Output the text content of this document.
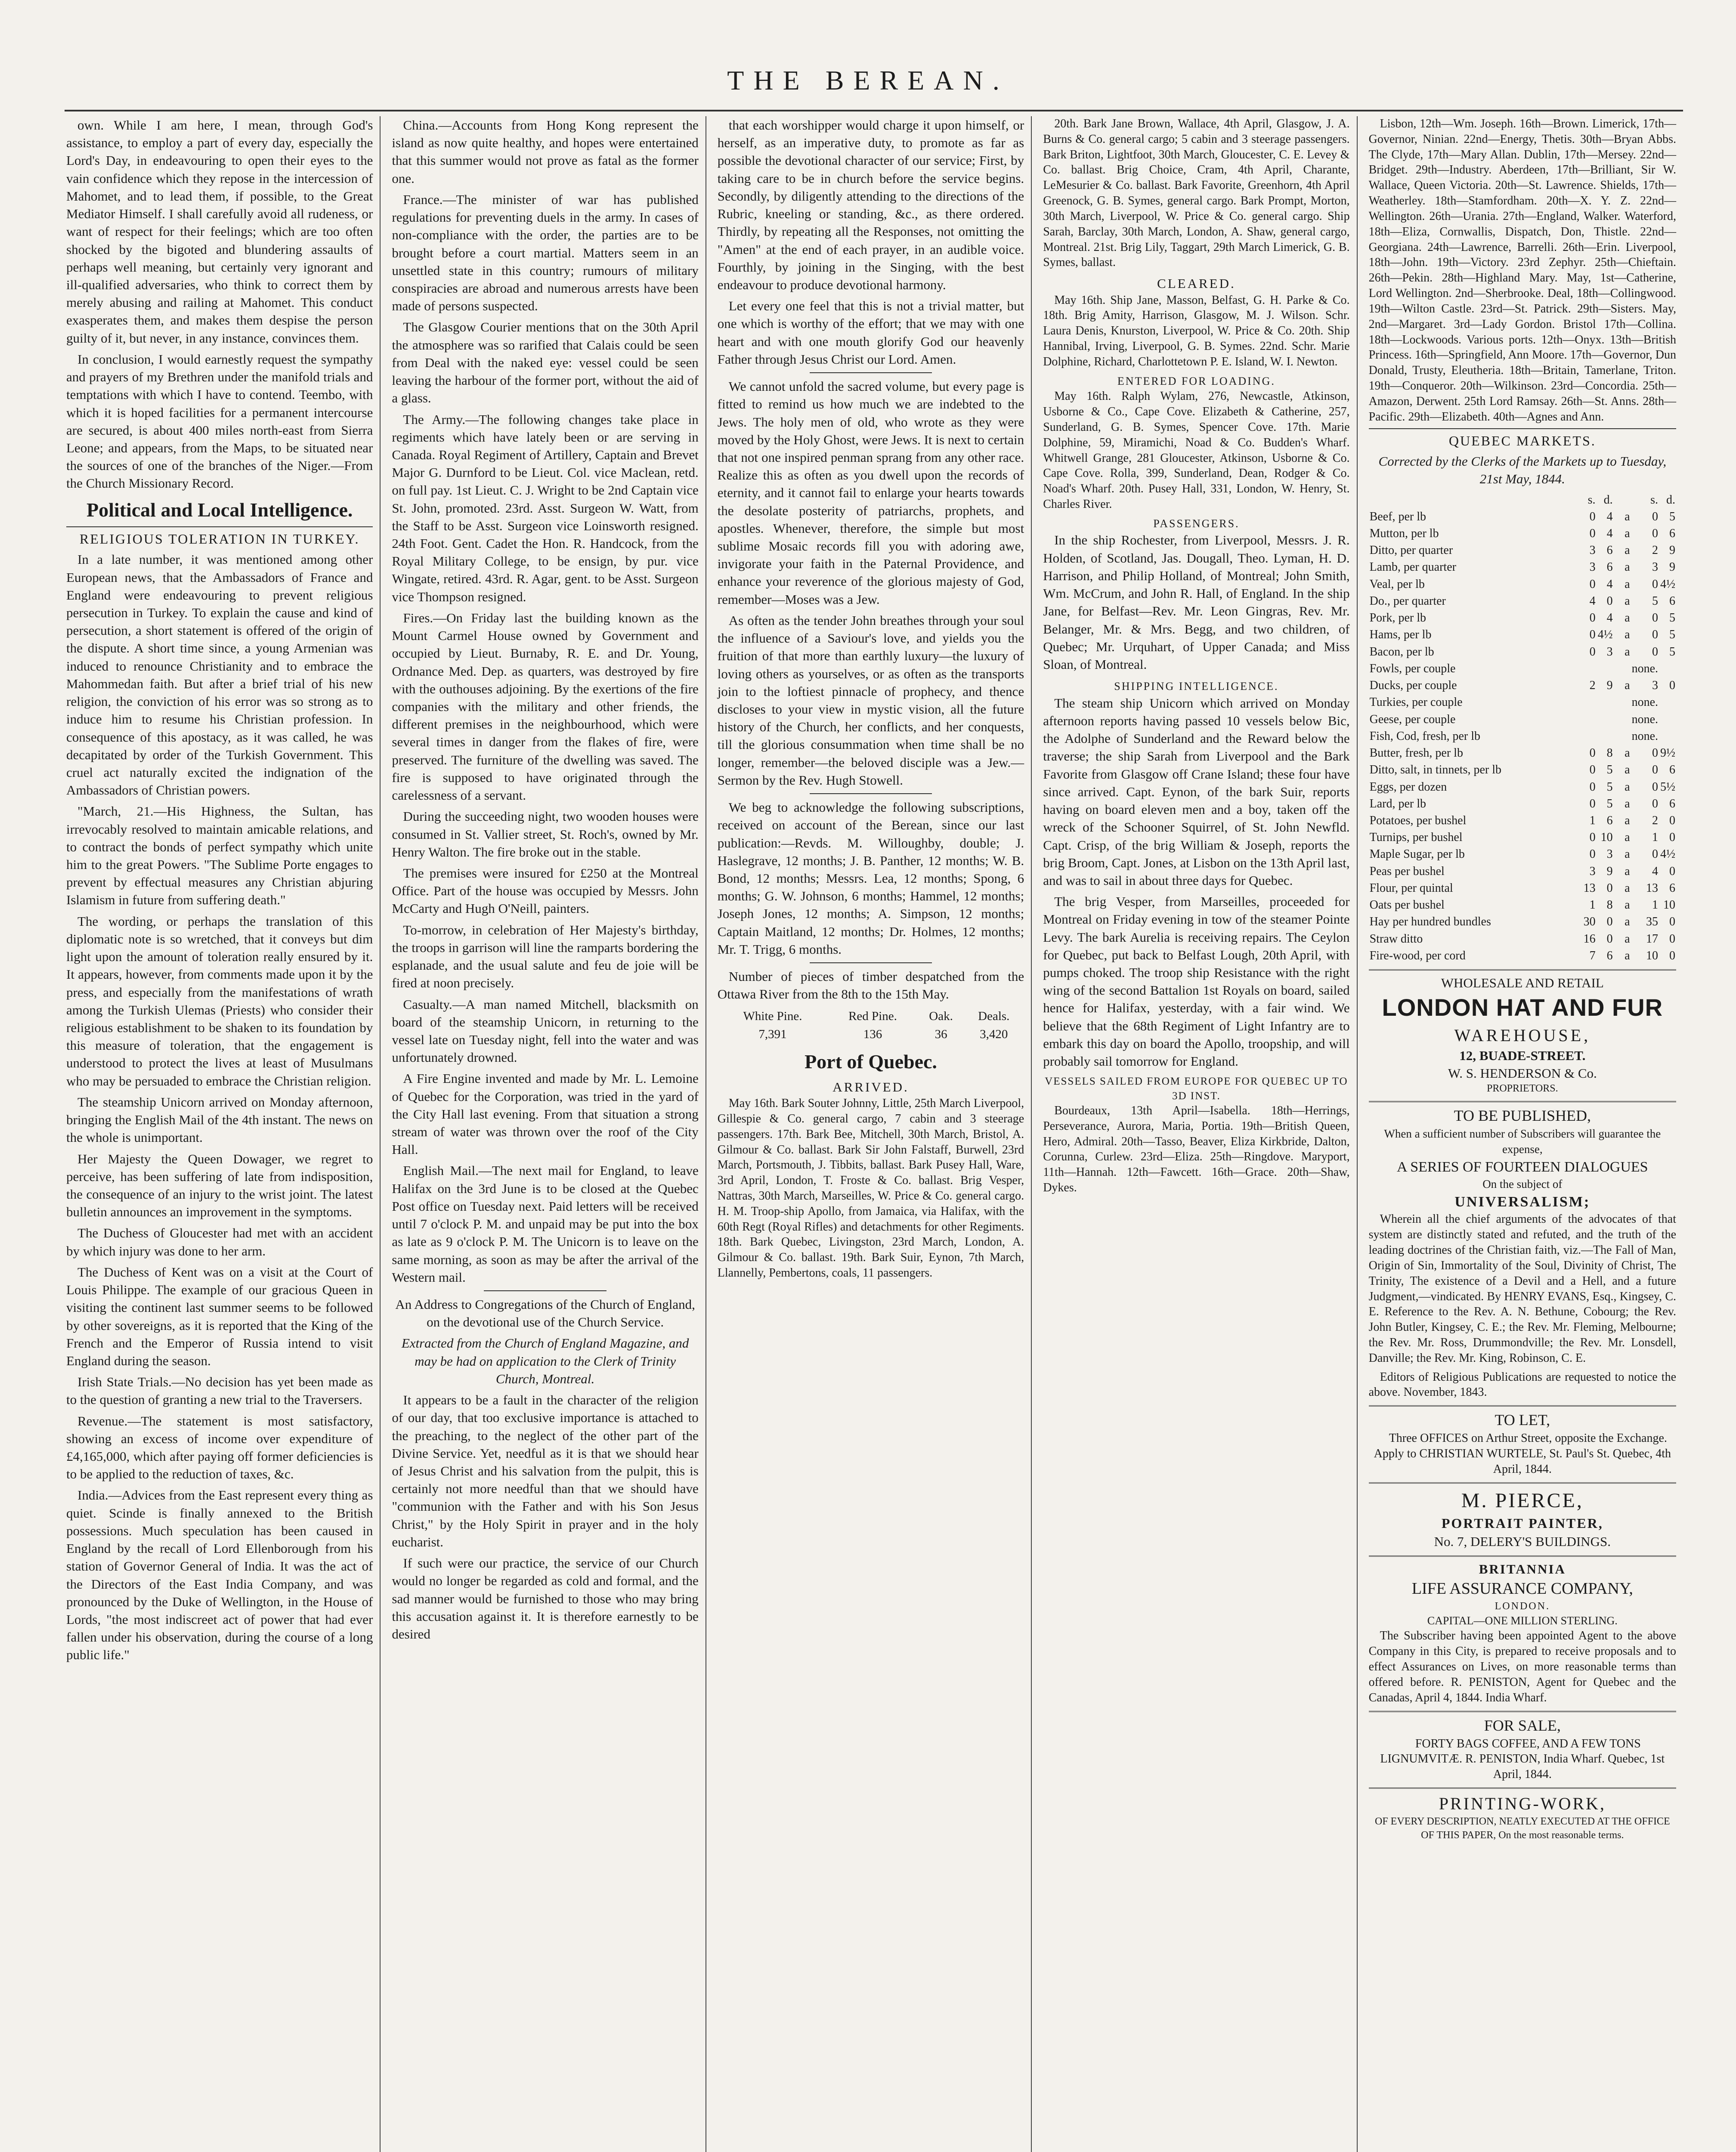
THE BEREAN.

own. While I am here, I mean, through God's assistance, to employ a part of every day, especially the Lord's Day, in endeavouring to open their eyes to the vain confidence which they repose in the intercession of Mahomet, and to lead them, if possible, to the Great Mediator Himself. I shall carefully avoid all rudeness, or want of respect for their feelings; which are too often shocked by the bigoted and blundering assaults of perhaps well meaning, but certainly very ignorant and ill-qualified adversaries, who think to correct them by merely abusing and railing at Mahomet. This conduct exasperates them, and makes them despise the person guilty of it, but never, in any instance, convinces them.

In conclusion, I would earnestly request the sympathy and prayers of my Brethren under the manifold trials and temptations with which I have to contend. Teembo, with which it is hoped facilities for a permanent intercourse are secured, is about 400 miles north-east from Sierra Leone; and appears, from the Maps, to be situated near the sources of one of the branches of the Niger.—From the Church Missionary Record.

Political and Local Intelligence.
RELIGIOUS TOLERATION IN TURKEY.

In a late number, it was mentioned among other European news, that the Ambassadors of France and England were endeavouring to prevent religious persecution in Turkey. To explain the cause and kind of persecution, a short statement is offered of the origin of the dispute. A short time since, a young Armenian was induced to renounce Christianity and to embrace the Mahommedan faith. But after a brief trial of his new religion, the conviction of his error was so strong as to induce him to resume his Christian profession. In consequence of this apostacy, as it was called, he was decapitated by order of the Turkish Government. This cruel act naturally excited the indignation of the Ambassadors of Christian powers.

"March, 21.—His Highness, the Sultan, has irrevocably resolved to maintain amicable relations, and to contract the bonds of perfect sympathy which unite him to the great Powers. "The Sublime Porte engages to prevent by effectual measures any Christian abjuring Islamism in future from suffering death."

The wording, or perhaps the translation of this diplomatic note is so wretched, that it conveys but dim light upon the amount of toleration really ensured by it. It appears, however, from comments made upon it by the press, and especially from the manifestations of wrath among the Turkish Ulemas (Priests) who consider their religious establishment to be shaken to its foundation by this measure of toleration, that the engagement is understood to protect the lives at least of Musulmans who may be persuaded to embrace the Christian religion.

The steamship Unicorn arrived on Monday afternoon, bringing the English Mail of the 4th instant. The news on the whole is unimportant.

Her Majesty the Queen Dowager, we regret to perceive, has been suffering of late from indisposition, the consequence of an injury to the wrist joint. The latest bulletin announces an improvement in the symptoms.

The Duchess of Gloucester had met with an accident by which injury was done to her arm.

The Duchess of Kent was on a visit at the Court of Louis Philippe. The example of our gracious Queen in visiting the continent last summer seems to be followed by other sovereigns, as it is reported that the King of the French and the Emperor of Russia intend to visit England during the season.

Irish State Trials.—No decision has yet been made as to the question of granting a new trial to the Traversers.

Revenue.—The statement is most satisfactory, showing an excess of income over expenditure of £4,165,000, which after paying off former deficiencies is to be applied to the reduction of taxes, &c.

India.—Advices from the East represent every thing as quiet. Scinde is finally annexed to the British possessions. Much speculation has been caused in England by the recall of Lord Ellenborough from his station of Governor General of India. It was the act of the Directors of the East India Company, and was pronounced by the Duke of Wellington, in the House of Lords, "the most indiscreet act of power that had ever fallen under his observation, during the course of a long public life."

China.—Accounts from Hong Kong represent the island as now quite healthy, and hopes were entertained that this summer would not prove as fatal as the former one.

France.—The minister of war has published regulations for preventing duels in the army. In cases of non-compliance with the order, the parties are to be brought before a court martial. Matters seem in an unsettled state in this country; rumours of military conspiracies are abroad and numerous arrests have been made of persons suspected.

The Glasgow Courier mentions that on the 30th April the atmosphere was so rarified that Calais could be seen from Deal with the naked eye: vessel could be seen leaving the harbour of the former port, without the aid of a glass.

The Army.—The following changes take place in regiments which have lately been or are serving in Canada. Royal Regiment of Artillery, Captain and Brevet Major G. Durnford to be Lieut. Col. vice Maclean, retd. on full pay. 1st Lieut. C. J. Wright to be 2nd Captain vice St. John, promoted. 23rd. Asst. Surgeon W. Watt, from the Staff to be Asst. Surgeon vice Loinsworth resigned. 24th Foot. Gent. Cadet the Hon. R. Handcock, from the Royal Military College, to be ensign, by pur. vice Wingate, retired. 43rd. R. Agar, gent. to be Asst. Surgeon vice Thompson resigned.

Fires.—On Friday last the building known as the Mount Carmel House owned by Government and occupied by Lieut. Burnaby, R. E. and Dr. Young, Ordnance Med. Dep. as quarters, was destroyed by fire with the outhouses adjoining. By the exertions of the fire companies with the military and other friends, the different premises in the neighbourhood, which were several times in danger from the flakes of fire, were preserved. The furniture of the dwelling was saved. The fire is supposed to have originated through the carelessness of a servant.

During the succeeding night, two wooden houses were consumed in St. Vallier street, St. Roch's, owned by Mr. Henry Walton. The fire broke out in the stable.

The premises were insured for £250 at the Montreal Office. Part of the house was occupied by Messrs. John McCarty and Hugh O'Neill, painters.

To-morrow, in celebration of Her Majesty's birthday, the troops in garrison will line the ramparts bordering the esplanade, and the usual salute and feu de joie will be fired at noon precisely.

Casualty.—A man named Mitchell, blacksmith on board of the steamship Unicorn, in returning to the vessel late on Tuesday night, fell into the water and was unfortunately drowned.

A Fire Engine invented and made by Mr. L. Lemoine of Quebec for the Corporation, was tried in the yard of the City Hall last evening. From that situation a strong stream of water was thrown over the roof of the City Hall.

English Mail.—The next mail for England, to leave Halifax on the 3rd June is to be closed at the Quebec Post office on Tuesday next. Paid letters will be received until 7 o'clock P. M. and unpaid may be put into the box as late as 9 o'clock P. M. The Unicorn is to leave on the same morning, as soon as may be after the arrival of the Western mail.

An Address to Congregations of the Church of England, on the devotional use of the Church Service.

Extracted from the Church of England Magazine, and may be had on application to the Clerk of Trinity Church, Montreal.

It appears to be a fault in the character of the religion of our day, that too exclusive importance is attached to the preaching, to the neglect of the other part of the Divine Service. Yet, needful as it is that we should hear of Jesus Christ and his salvation from the pulpit, this is certainly not more needful than that we should have "communion with the Father and with his Son Jesus Christ," by the Holy Spirit in prayer and in the holy eucharist.

If such were our practice, the service of our Church would no longer be regarded as cold and formal, and the sad manner would be furnished to those who may bring this accusation against it. It is therefore earnestly to be desired

that each worshipper would charge it upon himself, or herself, as an imperative duty, to promote as far as possible the devotional character of our service; First, by taking care to be in church before the service begins. Secondly, by diligently attending to the directions of the Rubric, kneeling or standing, &c., as there ordered. Thirdly, by repeating all the Responses, not omitting the "Amen" at the end of each prayer, in an audible voice. Fourthly, by joining in the Singing, with the best endeavour to produce devotional harmony.

Let every one feel that this is not a trivial matter, but one which is worthy of the effort; that we may with one heart and with one mouth glorify God our heavenly Father through Jesus Christ our Lord. Amen.

We cannot unfold the sacred volume, but every page is fitted to remind us how much we are indebted to the Jews. The holy men of old, who wrote as they were moved by the Holy Ghost, were Jews. It is next to certain that not one inspired penman sprang from any other race. Realize this as often as you dwell upon the records of eternity, and it cannot fail to enlarge your hearts towards the desolate posterity of patriarchs, prophets, and apostles. Whenever, therefore, the simple but most sublime Mosaic records fill you with adoring awe, invigorate your faith in the Paternal Providence, and enhance your reverence of the glorious majesty of God, remember—Moses was a Jew.

As often as the tender John breathes through your soul the influence of a Saviour's love, and yields you the fruition of that more than earthly luxury—the luxury of loving others as yourselves, or as often as the transports join to the loftiest pinnacle of prophecy, and thence discloses to your view in mystic vision, all the future history of the Church, her conflicts, and her conquests, till the glorious consummation when time shall be no longer, remember—the beloved disciple was a Jew.—Sermon by the Rev. Hugh Stowell.

We beg to acknowledge the following subscriptions, received on account of the Berean, since our last publication:—Revds. M. Willoughby, double; J. Haslegrave, 12 months; J. B. Panther, 12 months; W. B. Bond, 12 months; Messrs. Lea, 12 months; Spong, 6 months; G. W. Johnson, 6 months; Hammel, 12 months; Joseph Jones, 12 months; A. Simpson, 12 months; Captain Maitland, 12 months; Dr. Holmes, 12 months; Mr. T. Trigg, 6 months.

Number of pieces of timber despatched from the Ottawa River from the 8th to the 15th May.

White Pine.	Red Pine.	Oak.	Deals.
7,391	136	36	3,420
Port of Quebec.
ARRIVED.

May 16th. Bark Souter Johnny, Little, 25th March Liverpool, Gillespie & Co. general cargo, 7 cabin and 3 steerage passengers. 17th. Bark Bee, Mitchell, 30th March, Bristol, A. Gilmour & Co. ballast. Bark Sir John Falstaff, Burwell, 23rd March, Portsmouth, J. Tibbits, ballast. Bark Pusey Hall, Ware, 3rd April, London, T. Froste & Co. ballast. Brig Vesper, Nattras, 30th March, Marseilles, W. Price & Co. general cargo. H. M. Troop-ship Apollo, from Jamaica, via Halifax, with the 60th Regt (Royal Rifles) and detachments for other Regiments. 18th. Bark Quebec, Livingston, 23rd March, London, A. Gilmour & Co. ballast. 19th. Bark Suir, Eynon, 7th March, Llannelly, Pembertons, coals, 11 passengers.

20th. Bark Jane Brown, Wallace, 4th April, Glasgow, J. A. Burns & Co. general cargo; 5 cabin and 3 steerage passengers. Bark Briton, Lightfoot, 30th March, Gloucester, C. E. Levey & Co. ballast. Brig Choice, Cram, 4th April, Charante, LeMesurier & Co. ballast. Bark Favorite, Greenhorn, 4th April Greenock, G. B. Symes, general cargo. Bark Prompt, Morton, 30th March, Liverpool, W. Price & Co. general cargo. Ship Sarah, Barclay, 30th March, London, A. Shaw, general cargo, Montreal. 21st. Brig Lily, Taggart, 29th March Limerick, G. B. Symes, ballast.

CLEARED.

May 16th. Ship Jane, Masson, Belfast, G. H. Parke & Co. 18th. Brig Amity, Harrison, Glasgow, M. J. Wilson. Schr. Laura Denis, Knurston, Liverpool, W. Price & Co. 20th. Ship Hannibal, Irving, Liverpool, G. B. Symes. 22nd. Schr. Marie Dolphine, Richard, Charlottetown P. E. Island, W. I. Newton.

ENTERED FOR LOADING.

May 16th. Ralph Wylam, 276, Newcastle, Atkinson, Usborne & Co., Cape Cove. Elizabeth & Catherine, 257, Sunderland, G. B. Symes, Spencer Cove. 17th. Marie Dolphine, 59, Miramichi, Noad & Co. Budden's Wharf. Whitwell Grange, 281 Gloucester, Atkinson, Usborne & Co. Cape Cove. Rolla, 399, Sunderland, Dean, Rodger & Co. Noad's Wharf. 20th. Pusey Hall, 331, London, W. Henry, St. Charles River.

PASSENGERS.

In the ship Rochester, from Liverpool, Messrs. J. R. Holden, of Scotland, Jas. Dougall, Theo. Lyman, H. D. Harrison, and Philip Holland, of Montreal; John Smith, Wm. McCrum, and John R. Hall, of England. In the ship Jane, for Belfast—Rev. Mr. Leon Gingras, Rev. Mr. Belanger, Mr. & Mrs. Begg, and two children, of Quebec; Mr. Urquhart, of Upper Canada; and Miss Sloan, of Montreal.

SHIPPING INTELLIGENCE.

The steam ship Unicorn which arrived on Monday afternoon reports having passed 10 vessels below Bic, the Adolphe of Sunderland and the Reward below the traverse; the ship Sarah from Liverpool and the Bark Favorite from Glasgow off Crane Island; these four have since arrived. Capt. Eynon, of the bark Suir, reports having on board eleven men and a boy, taken off the wreck of the Schooner Squirrel, of St. John Newfld. Capt. Crisp, of the brig William & Joseph, reports the brig Broom, Capt. Jones, at Lisbon on the 13th April last, and was to sail in about three days for Quebec.

The brig Vesper, from Marseilles, proceeded for Montreal on Friday evening in tow of the steamer Pointe Levy. The bark Aurelia is receiving repairs. The Ceylon for Quebec, put back to Belfast Lough, 20th April, with pumps choked. The troop ship Resistance with the right wing of the second Battalion 1st Royals on board, sailed hence for Halifax, yesterday, with a fair wind. We believe that the 68th Regiment of Light Infantry are to embark this day on board the Apollo, troopship, and will probably sail tomorrow for England.

VESSELS SAILED FROM EUROPE FOR QUEBEC UP TO 3D INST.

Bourdeaux, 13th April—Isabella. 18th—Herrings, Perseverance, Aurora, Maria, Portia. 19th—British Queen, Hero, Admiral. 20th—Tasso, Beaver, Eliza Kirkbride, Dalton, Corunna, Curlew. 23rd—Eliza. 25th—Ringdove. Maryport, 11th—Hannah. 12th—Fawcett. 16th—Grace. 20th—Shaw, Dykes.

Lisbon, 12th—Wm. Joseph. 16th—Brown. Limerick, 17th—Governor, Ninian. 22nd—Energy, Thetis. 30th—Bryan Abbs. The Clyde, 17th—Mary Allan. Dublin, 17th—Mersey. 22nd—Bridget. 29th—Industry. Aberdeen, 17th—Brilliant, Sir W. Wallace, Queen Victoria. 20th—St. Lawrence. Shields, 17th—Weatherley. 18th—Stamfordham. 20th—X. Y. Z. 22nd—Wellington. 26th—Urania. 27th—England, Walker. Waterford, 18th—Eliza, Cornwallis, Dispatch, Don, Thistle. 22nd—Georgiana. 24th—Lawrence, Barrelli. 26th—Erin. Liverpool, 18th—John. 19th—Victory. 23rd Zephyr. 25th—Chieftain. 26th—Pekin. 28th—Highland Mary. May, 1st—Catherine, Lord Wellington. 2nd—Sherbrooke. Deal, 18th—Collingwood. 19th—Wilton Castle. 23rd—St. Patrick. 29th—Sisters. May, 2nd—Margaret. 3rd—Lady Gordon. Bristol 17th—Collina. 18th—Lockwoods. Various ports. 12th—Onyx. 13th—British Princess. 16th—Springfield, Ann Moore. 17th—Governor, Dun Donald, Trusty, Eleutheria. 18th—Britain, Tamerlane, Triton. 19th—Conqueror. 20th—Wilkinson. 23rd—Concordia. 25th—Amazon, Derwent. 25th Lord Ramsay. 26th—St. Anns. 28th—Pacific. 29th—Elizabeth. 40th—Agnes and Ann.

QUEBEC MARKETS.

Corrected by the Clerks of the Markets up to Tuesday, 21st May, 1844.

	s.	d.		s.	d.
Beef, per lb	0	4	a	0	5
Mutton, per lb	0	4	a	0	6
Ditto, per quarter	3	6	a	2	9
Lamb, per quarter	3	6	a	3	9
Veal, per lb	0	4	a	0	4½
Do., per quarter	4	0	a	5	6
Pork, per lb	0	4	a	0	5
Hams, per lb	0	4½	a	0	5
Bacon, per lb	0	3	a	0	5
Fowls, per couple				none.	
Ducks, per couple	2	9	a	3	0
Turkies, per couple				none.	
Geese, per couple				none.	
Fish, Cod, fresh, per lb				none.	
Butter, fresh, per lb	0	8	a	0	9½
Ditto, salt, in tinnets, per lb	0	5	a	0	6
Eggs, per dozen	0	5	a	0	5½
Lard, per lb	0	5	a	0	6
Potatoes, per bushel	1	6	a	2	0
Turnips, per bushel	0	10	a	1	0
Maple Sugar, per lb	0	3	a	0	4½
Peas per bushel	3	9	a	4	0
Flour, per quintal	13	0	a	13	6
Oats per bushel	1	8	a	1	10
Hay per hundred bundles	30	0	a	35	0
Straw ditto	16	0	a	17	0
Fire-wood, per cord	7	6	a	10	0
WHOLESALE AND RETAIL
LONDON HAT AND FUR
WAREHOUSE,
12, BUADE-STREET.
W. S. HENDERSON & Co.
PROPRIETORS.
TO BE PUBLISHED,
When a sufficient number of Subscribers will guarantee the expense,
A SERIES OF FOURTEEN DIALOGUES
On the subject of
UNIVERSALISM;

Wherein all the chief arguments of the advocates of that system are distinctly stated and refuted, and the truth of the leading doctrines of the Christian faith, viz.—The Fall of Man, Origin of Sin, Immortality of the Soul, Divinity of Christ, The Trinity, The existence of a Devil and a Hell, and a future Judgment,—vindicated. By HENRY EVANS, Esq., Kingsey, C. E. Reference to the Rev. A. N. Bethune, Cobourg; the Rev. John Butler, Kingsey, C. E.; the Rev. Mr. Fleming, Melbourne; the Rev. Mr. Ross, Drummondville; the Rev. Mr. Lonsdell, Danville; the Rev. Mr. King, Robinson, C. E.

Editors of Religious Publications are requested to notice the above. November, 1843.

TO LET,

Three OFFICES on Arthur Street, opposite the Exchange. Apply to CHRISTIAN WURTELE, St. Paul's St. Quebec, 4th April, 1844.

M. PIERCE,
PORTRAIT PAINTER,
No. 7, DELERY'S BUILDINGS.
BRITANNIA
LIFE ASSURANCE COMPANY,
LONDON.
CAPITAL—ONE MILLION STERLING.

The Subscriber having been appointed Agent to the above Company in this City, is prepared to receive proposals and to effect Assurances on Lives, on more reasonable terms than offered before. R. PENISTON, Agent for Quebec and the Canadas, April 4, 1844. India Wharf.

FOR SALE,

FORTY BAGS COFFEE, AND A FEW TONS LIGNUMVITÆ. R. PENISTON, India Wharf. Quebec, 1st April, 1844.

PRINTING-WORK,
OF EVERY DESCRIPTION, NEATLY EXECUTED AT THE OFFICE OF THIS PAPER, On the most reasonable terms.
